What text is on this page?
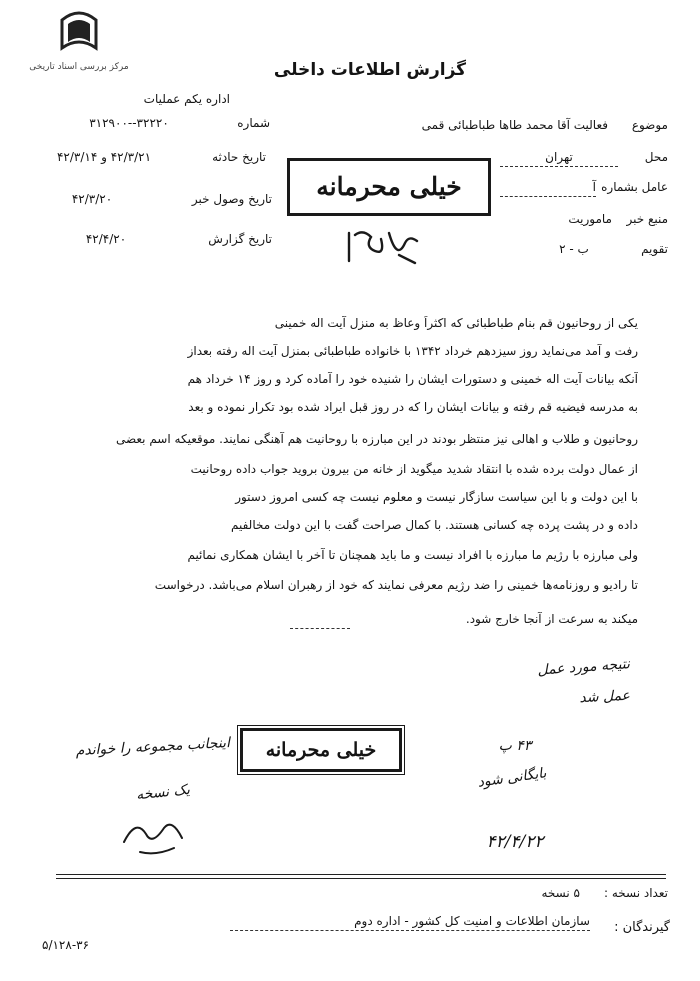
مرکز بررسی اسناد تاریخی	گزارش اطلاعات داخلی
اداره یکم عملیات
شماره
۳۱۲۹۰۰--۳۲۲۲۰
تاریخ حادثه
۴۲/۳/۲۱ و ۴۲/۳/۱۴
تاریخ وصول خبر
۴۲/۳/۲۰
تاریخ گزارش
۴۲/۴/۲۰
موضوع
فعالیت آقا محمد طاها طباطبائی قمی
محل
تهران
عامل بشماره
آ
منبع خبر
ماموریت
تقویم
ب - ۲
خیلی محرمانه
یکی از روحانیون قم بنام طباطبائی که اکثراً وعاظ به منزل آیت اله خمینی
رفت و آمد می‌نماید روز سیزدهم خرداد ۱۳۴۲ با خانواده طباطبائی بمنزل آیت اله رفته بعداز
آنکه بیانات آیت اله خمینی و دستورات ایشان را شنیده خود را آماده کرد و روز ۱۴ خرداد هم
به مدرسه فیضیه قم رفته و بیانات ایشان را که در روز قبل ایراد شده بود تکرار نموده و بعد
روحانیون و طلاب و اهالی نیز منتظر بودند در این مبارزه با روحانیت هم آهنگی نمایند. موقعیکه اسم بعضی
از عمال دولت برده شده با انتقاد شدید میگوید از خانه من بیرون بروید جواب داده روحانیت
با این دولت و با این سیاست سازگار نیست و معلوم نیست چه کسی امروز دستور
داده و در پشت پرده چه کسانی هستند. با کمال صراحت گفت با این دولت مخالفیم
ولی مبارزه با رژیم ما مبارزه با افراد نیست و ما باید همچنان تا آخر با ایشان همکاری نمائیم
تا رادیو و روزنامه‌ها خمینی را ضد رژیم معرفی نمایند که خود از رهبران اسلام می‌باشد. درخواست
میکند به سرعت از آنجا خارج شود.
نتیجه مورد عمل
عمل شد
اینجانب مجموعه را خواندم
یک نسخه
خیلی محرمانه	۴۳ پ
بایگانی شود
۴۲/۴/۲۲
تعداد نسخه :
۵ نسخه
گیرندگان :
سازمان اطلاعات و امنیت کل کشور - اداره دوم
۵/۱۲۸-۳۶
